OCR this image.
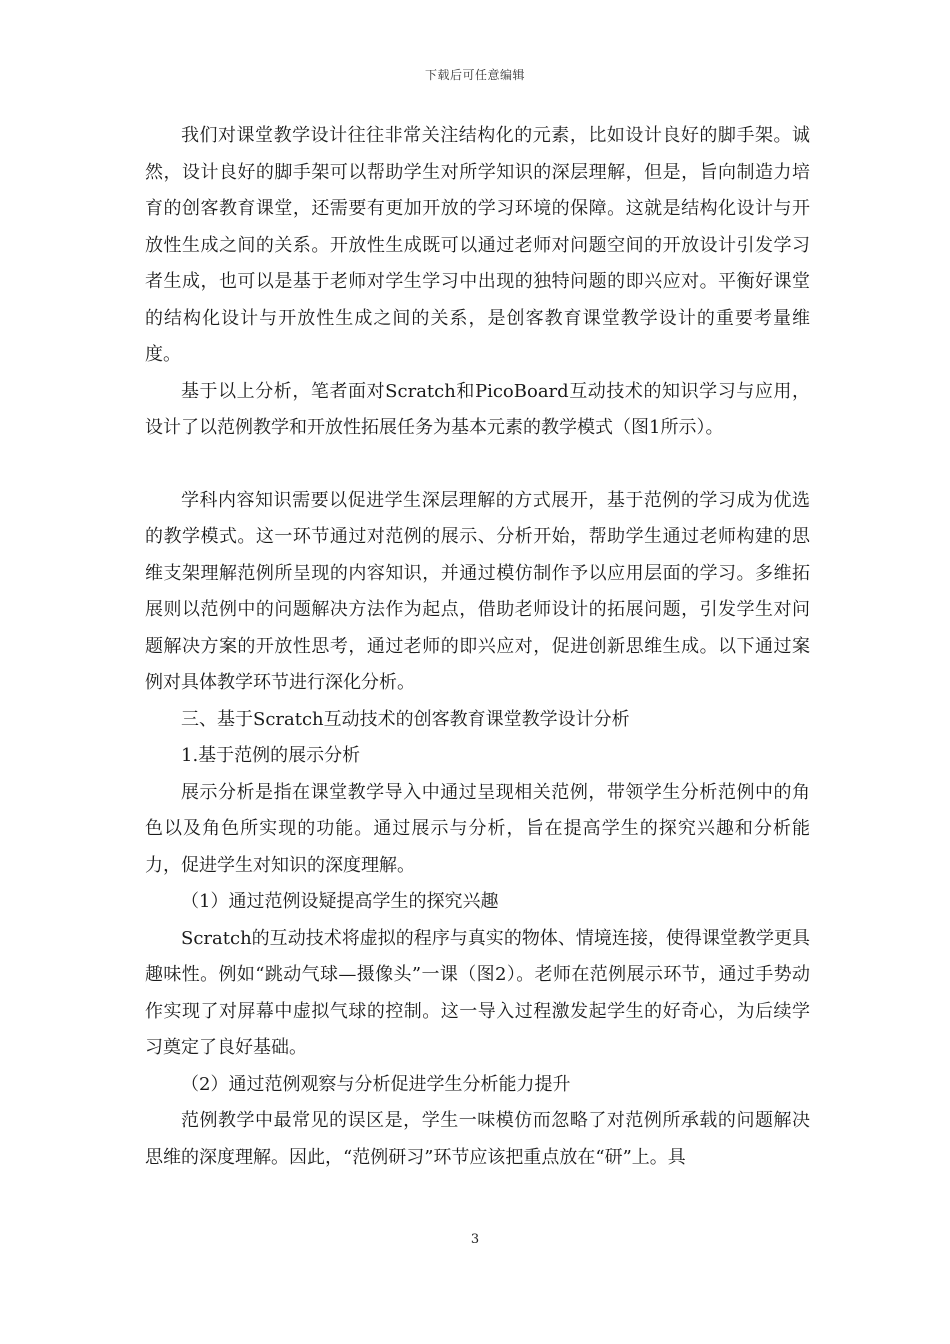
下载后可任意编辑

我们对课堂教学设计往往非常关注结构化的元素，比如设计良好的脚手架。诚然，设计良好的脚手架可以帮助学生对所学知识的深层理解，但是，旨向制造力培育的创客教育课堂，还需要有更加开放的学习环境的保障。这就是结构化设计与开放性生成之间的关系。开放性生成既可以通过老师对问题空间的开放设计引发学习者生成，也可以是基于老师对学生学习中出现的独特问题的即兴应对。平衡好课堂的结构化设计与开放性生成之间的关系，是创客教育课堂教学设计的重要考量维度。

基于以上分析，笔者面对Scratch和PicoBoard互动技术的知识学习与应用，设计了以范例教学和开放性拓展任务为基本元素的教学模式（图1所示）。

学科内容知识需要以促进学生深层理解的方式展开，基于范例的学习成为优选的教学模式。这一环节通过对范例的展示、分析开始，帮助学生通过老师构建的思维支架理解范例所呈现的内容知识，并通过模仿制作予以应用层面的学习。多维拓展则以范例中的问题解决方法作为起点，借助老师设计的拓展问题，引发学生对问题解决方案的开放性思考，通过老师的即兴应对，促进创新思维生成。以下通过案例对具体教学环节进行深化分析。

三、基于Scratch互动技术的创客教育课堂教学设计分析

1.基于范例的展示分析

展示分析是指在课堂教学导入中通过呈现相关范例，带领学生分析范例中的角色以及角色所实现的功能。通过展示与分析，旨在提高学生的探究兴趣和分析能力，促进学生对知识的深度理解。

（1）通过范例设疑提高学生的探究兴趣

Scratch的互动技术将虚拟的程序与真实的物体、情境连接，使得课堂教学更具趣味性。例如“跳动气球—摄像头”一课（图2）。老师在范例展示环节，通过手势动作实现了对屏幕中虚拟气球的控制。这一导入过程激发起学生的好奇心，为后续学习奠定了良好基础。

（2）通过范例观察与分析促进学生分析能力提升

范例教学中最常见的误区是，学生一味模仿而忽略了对范例所承载的问题解决思维的深度理解。因此，“范例研习”环节应该把重点放在“研”上。具

3
